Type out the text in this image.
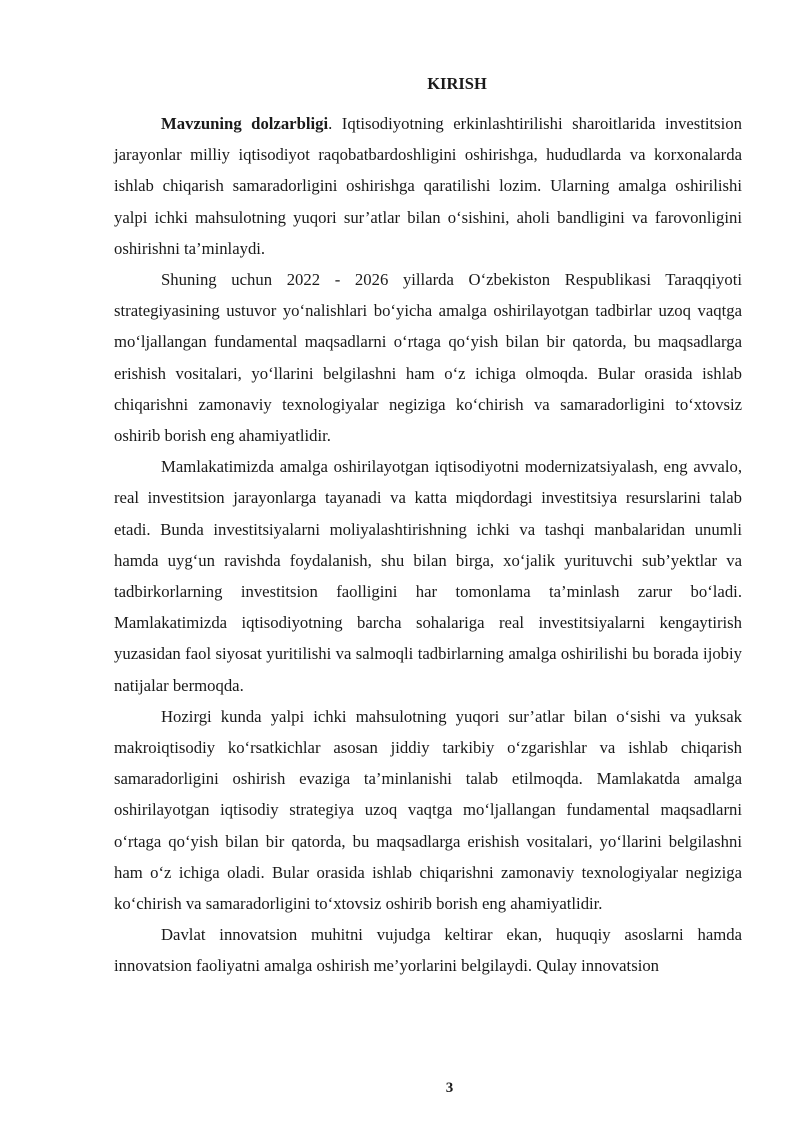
KIRISH

Mavzuning dolzarbligi. Iqtisodiyotning erkinlashtirilishi sharoitlarida investitsion jarayonlar milliy iqtisodiyot raqobatbardoshligini oshirishga, hududlarda va korxonalarda ishlab chiqarish samaradorligini oshirishga qaratilishi lozim. Ularning amalga oshirilishi yalpi ichki mahsulotning yuqori sur’atlar bilan o‘sishini, aholi bandligini va farovonligini oshirishni ta’minlaydi.

Shuning uchun 2022 - 2026 yillarda O‘zbekiston Respublikasi Taraqqiyoti strategiyasining ustuvor yo‘nalishlari bo‘yicha amalga oshirilayotgan tadbirlar uzoq vaqtga mo‘ljallangan fundamental maqsadlarni o‘rtaga qo‘yish bilan bir qatorda, bu maqsadlarga erishish vositalari, yo‘llarini belgilashni ham o‘z ichiga olmoqda. Bular orasida ishlab chiqarishni zamonaviy texnologiyalar negiziga ko‘chirish va samaradorligini to‘xtovsiz oshirib borish eng ahamiyatlidir.

Mamlakatimizda amalga oshirilayotgan iqtisodiyotni modernizatsiyalash, eng avvalo, real investitsion jarayonlarga tayanadi va katta miqdordagi investitsiya resurslarini talab etadi. Bunda investitsiyalarni moliyalashtirishning ichki va tashqi manbalaridan unumli hamda uyg‘un ravishda foydalanish, shu bilan birga, xo‘jalik yurituvchi sub’yektlar va tadbirkorlarning investitsion faolligini har tomonlama ta’minlash zarur bo‘ladi. Mamlakatimizda iqtisodiyotning barcha sohalariga real investitsiyalarni kengaytirish yuzasidan faol siyosat yuritilishi va salmoqli tadbirlarning amalga oshirilishi bu borada ijobiy natijalar bermoqda.

Hozirgi kunda yalpi ichki mahsulotning yuqori sur’atlar bilan o‘sishi va yuksak makroiqtisodiy ko‘rsatkichlar asosan jiddiy tarkibiy o‘zgarishlar va ishlab chiqarish samaradorligini oshirish evaziga ta’minlanishi talab etilmoqda. Mamlakatda amalga oshirilayotgan iqtisodiy strategiya uzoq vaqtga mo‘ljallangan fundamental maqsadlarni o‘rtaga qo‘yish bilan bir qatorda, bu maqsadlarga erishish vositalari, yo‘llarini belgilashni ham o‘z ichiga oladi. Bular orasida ishlab chiqarishni zamonaviy texnologiyalar negiziga ko‘chirish va samaradorligini to‘xtovsiz oshirib borish eng ahamiyatlidir.

Davlat innovatsion muhitni vujudga keltirar ekan, huquqiy asoslarni hamda innovatsion faoliyatni amalga oshirish me’yorlarini belgilaydi. Qulay innovatsion

3
